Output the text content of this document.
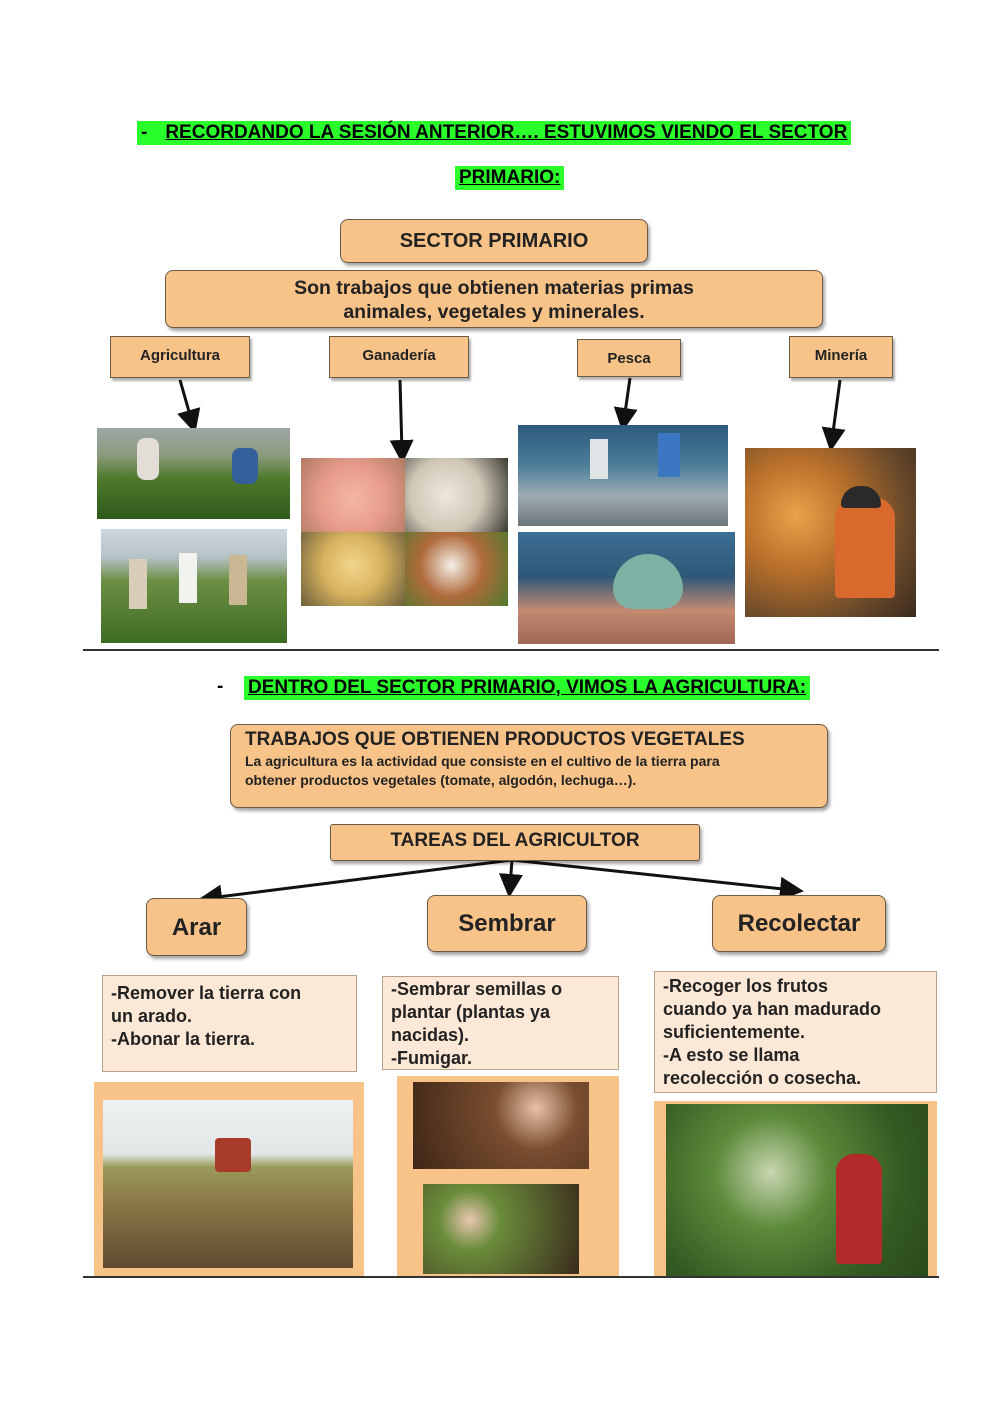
- RECORDANDO LA SESIÓN ANTERIOR…. ESTUVIMOS VIENDO EL SECTOR
PRIMARIO:
SECTOR PRIMARIO
Son trabajos que obtienen materias primas
animales, vegetales y minerales.
Agricultura	Ganadería	Pesca	Minería
- DENTRO DEL SECTOR PRIMARIO, VIMOS LA AGRICULTURA:
TRABAJOS QUE OBTIENEN PRODUCTOS VEGETALES
La agricultura es la actividad que consiste en el cultivo de la tierra para
obtener productos vegetales (tomate, algodón, lechuga…).
TAREAS DEL AGRICULTOR
Arar	Sembrar	Recolectar
-Remover la tierra con
un arado.
-Abonar la tierra.
-Sembrar semillas o
plantar (plantas ya
nacidas).
-Fumigar.
-Recoger los frutos
cuando ya han madurado
suficientemente.
-A esto se llama
recolección o cosecha.
